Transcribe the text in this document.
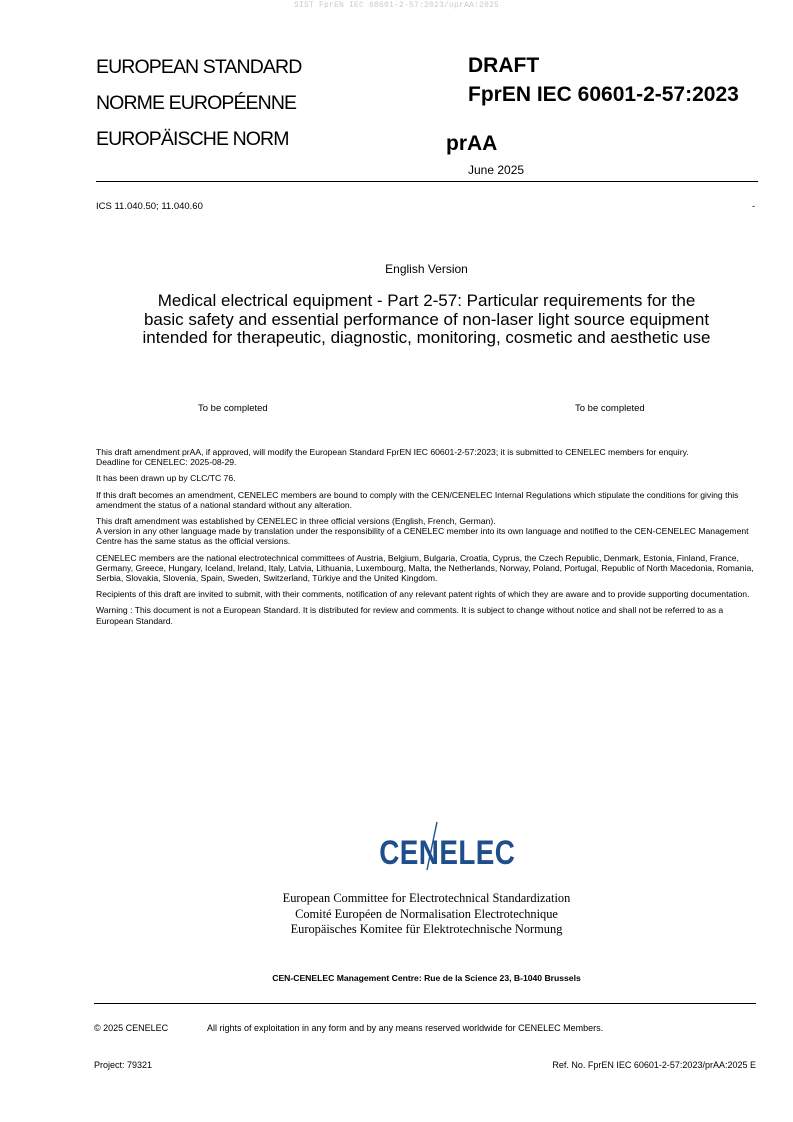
SIST FprEN IEC 60601-2-57:2023/oprAA:2025
EUROPEAN STANDARD
NORME EUROPÉENNE
EUROPÄISCHE NORM
DRAFT
FprEN IEC 60601-2-57:2023
prAA
June 2025
ICS 11.040.50; 11.040.60	-
English Version
Medical electrical equipment - Part 2-57: Particular requirements for the basic safety and essential performance of non-laser light source equipment intended for therapeutic, diagnostic, monitoring, cosmetic and aesthetic use
To be completed	To be completed

This draft amendment prAA, if approved, will modify the European Standard FprEN IEC 60601-2-57:2023; it is submitted to CENELEC members for enquiry.
Deadline for CENELEC: 2025-08-29.

It has been drawn up by CLC/TC 76.

If this draft becomes an amendment, CENELEC members are bound to comply with the CEN/CENELEC Internal Regulations which stipulate the conditions for giving this amendment the status of a national standard without any alteration.

This draft amendment was established by CENELEC in three official versions (English, French, German).
A version in any other language made by translation under the responsibility of a CENELEC member into its own language and notified to the CEN-CENELEC Management Centre has the same status as the official versions.

CENELEC members are the national electrotechnical committees of Austria, Belgium, Bulgaria, Croatia, Cyprus, the Czech Republic, Denmark, Estonia, Finland, France, Germany, Greece, Hungary, Iceland, Ireland, Italy, Latvia, Lithuania, Luxembourg, Malta, the Netherlands, Norway, Poland, Portugal, Republic of North Macedonia, Romania, Serbia, Slovakia, Slovenia, Spain, Sweden, Switzerland, Türkiye and the United Kingdom.

Recipients of this draft are invited to submit, with their comments, notification of any relevant patent rights of which they are aware and to provide supporting documentation.

Warning : This document is not a European Standard. It is distributed for review and comments. It is subject to change without notice and shall not be referred to as a European Standard.

CENELEC
European Committee for Electrotechnical Standardization
Comité Européen de Normalisation Electrotechnique
Europäisches Komitee für Elektrotechnische Normung
CEN-CENELEC Management Centre: Rue de la Science 23, B-1040 Brussels
© 2025 CENELEC	All rights of exploitation in any form and by any means reserved worldwide for CENELEC Members.
Project: 79321	Ref. No. FprEN IEC 60601-2-57:2023/prAA:2025 E
